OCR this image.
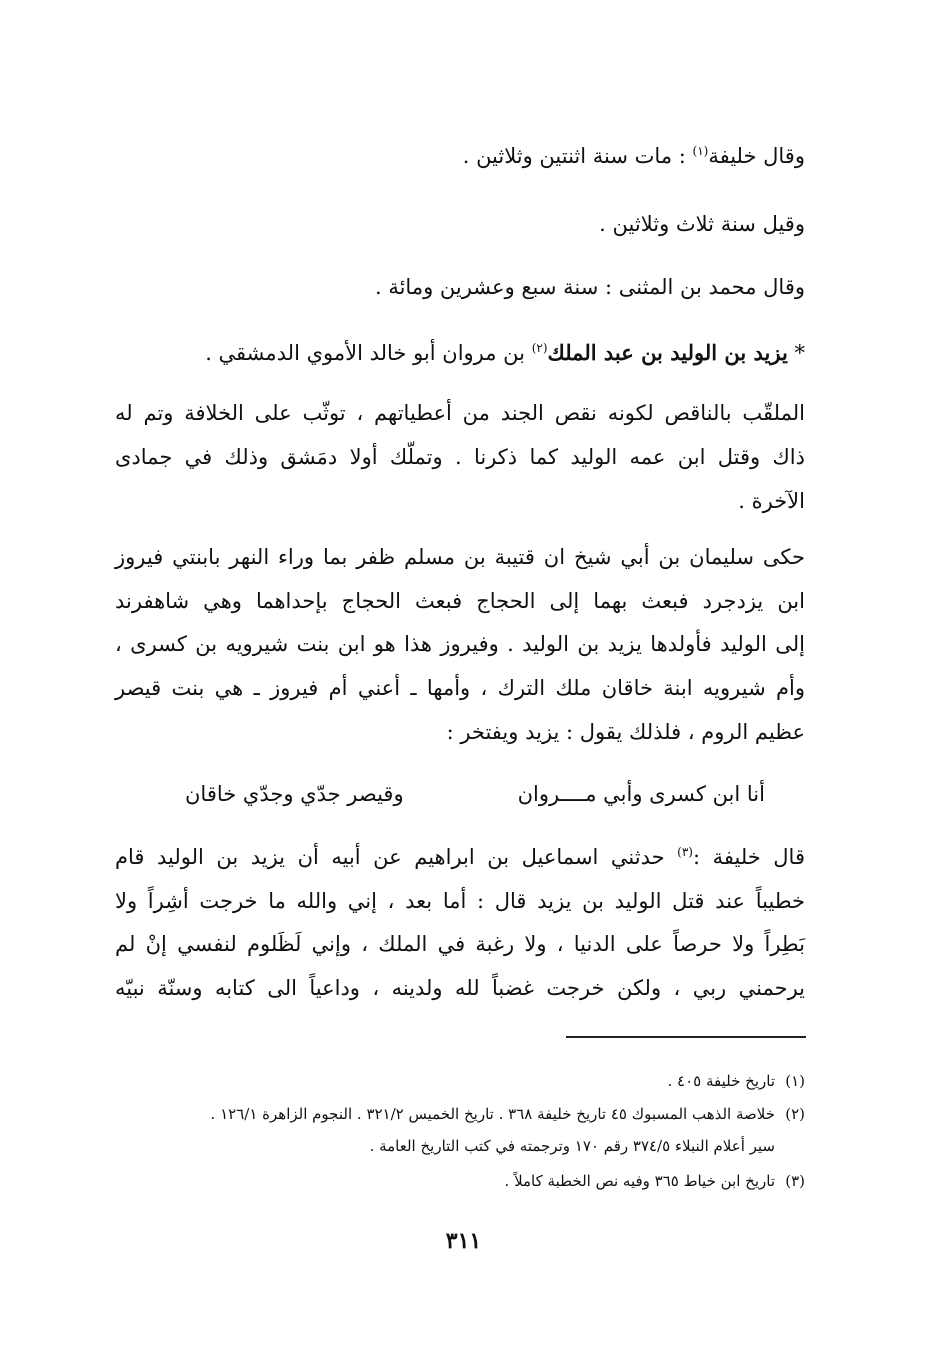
وقال خليفة$^{(١)}$ : مات سنة اثنتين وثلاثين .

وقيل سنة ثلاث وثلاثين .

وقال محمد بن المثنى : سنة سبع وعشرين ومائة .

* يزيد بن الوليد بن عبد الملك$^{(٢)}$ بن مروان أبو خالد الأموي الدمشقي .

الملقّب بالناقص لكونه نقص الجند من أعطياتهم ، توثّب على الخلافة وتم له

ذاك وقتل ابن عمه الوليد كما ذكرنا . وتملّك أولا دمَشق وذلك في جمادى

الآخرة .

حكى سليمان بن أبي شيخ ان قتيبة بن مسلم ظفر بما وراء النهر بابنتي فيروز

ابن يزدجرد فبعث بهما إلى الحجاج فبعث الحجاج بإحداهما وهي شاهفرند

إلى الوليد فأولدها يزيد بن الوليد . وفيروز هذا هو ابن بنت شيرويه بن كسرى ،

وأم شيرويه ابنة خاقان ملك الترك ، وأمها ـ أعني أم فيروز ـ هي بنت قيصر

عظيم الروم ، فلذلك يقول : يزيد ويفتخر :

أنا ابن كسرى وأبي مــــروان
وقيصر جدّي وجدّي خاقان

قال خليفة :$^{(٣)}$ حدثني اسماعيل بن ابراهيم عن أبيه أن يزيد بن الوليد قام

خطيباً عند قتل الوليد بن يزيد قال : أما بعد ، إني والله ما خرجت أشِراً ولا

بَطِراً ولا حرصاً على الدنيا ، ولا رغبة في الملك ، وإني لَظَلوم لنفسي إنْ لم

يرحمني ربي ، ولكن خرجت غضباً لله ولدينه ، وداعياً الى كتابه وسنّة نبيّه

(١)تاريخ خليفة ٤٠٥ .
(٢)خلاصة الذهب المسبوك ٤٥ تاريخ خليفة ٣٦٨ . تاريخ الخميس ٣٢١/٢ . النجوم الزاهرة ١٢٦/١ .
سير أعلام النبلاء ٣٧٤/٥ رقم ١٧٠ وترجمته في كتب التاريخ العامة .
(٣)تاريخ ابن خياط ٣٦٥ وفيه نص الخطبة كاملاً .
٣١١
